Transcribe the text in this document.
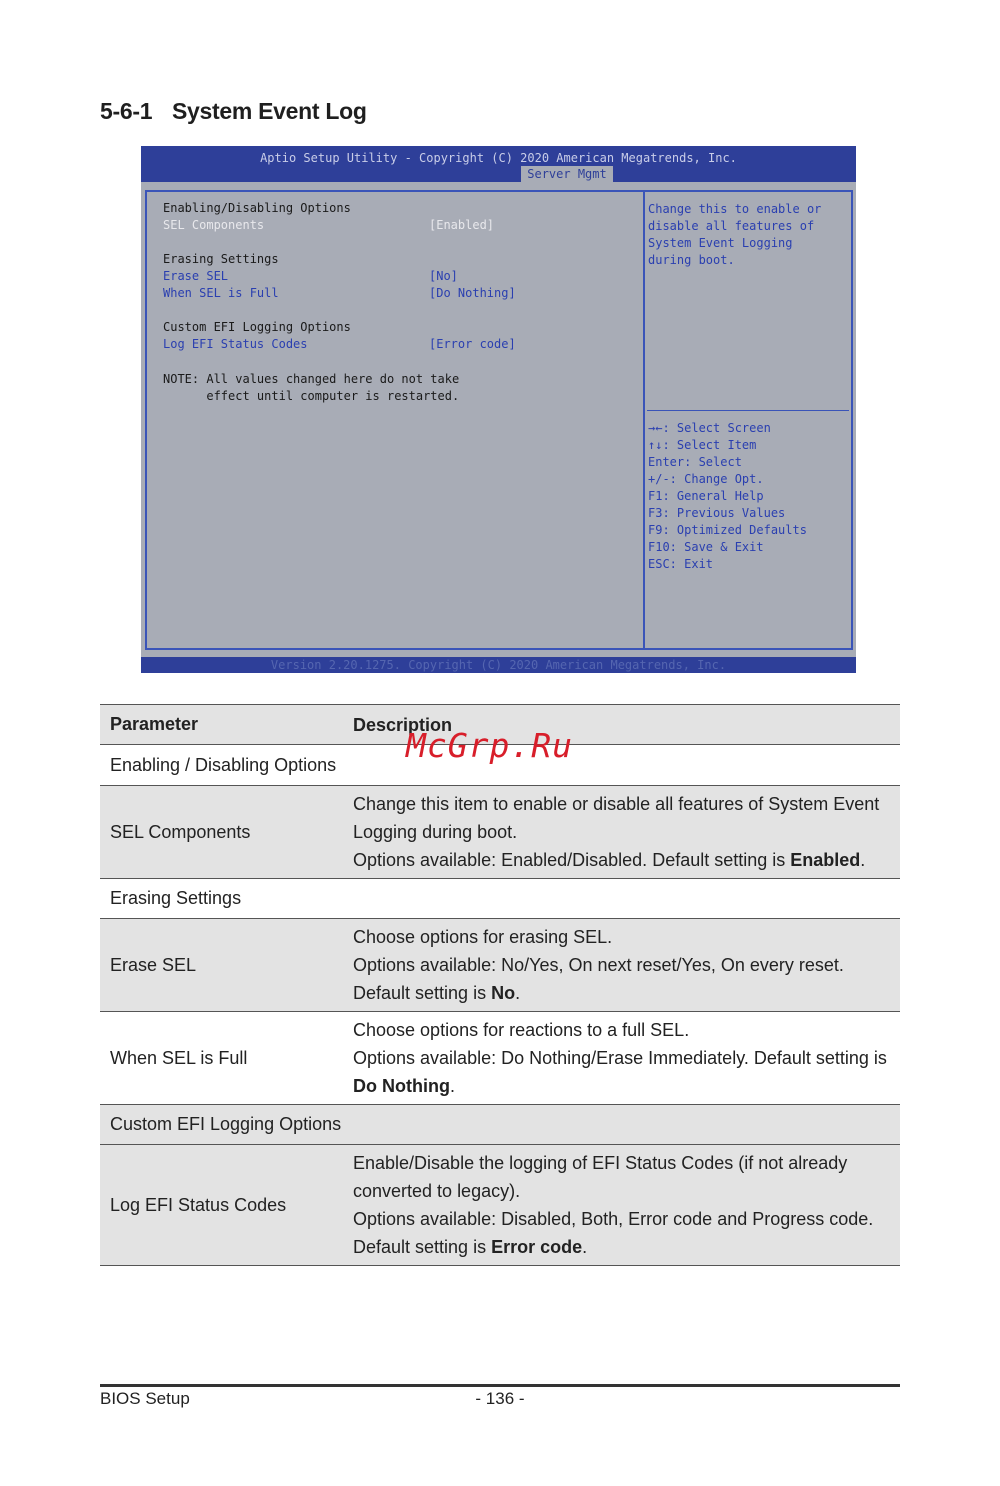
5-6-1 System Event Log
Aptio Setup Utility - Copyright (C) 2020 American Megatrends, Inc.
Server Mgmt
Enabling/Disabling Options
SEL Components	[Enabled]
Erasing Settings
Erase SEL	[No]
When SEL is Full	[Do Nothing]
Custom EFI Logging Options
Log EFI Status Codes	[Error code]
NOTE: All values changed here do not take
effect until computer is restarted.
Change this to enable or
disable all features of
System Event Logging
during boot.
→←: Select Screen
↑↓: Select Item
Enter: Select
+/-: Change Opt.
F1: General Help
F3: Previous Values
F9: Optimized Defaults
F10: Save & Exit
ESC: Exit
Version 2.20.1275. Copyright (C) 2020 American Megatrends, Inc.
Parameter	Description
Enabling / Disabling Options	
SEL Components	Change this item to enable or disable all features of System Event Logging during boot.
Options available: Enabled/Disabled. Default setting is Enabled.

Erasing Settings	
Erase SEL	Choose options for erasing SEL.
Options available: No/Yes, On next reset/Yes, On every reset. Default setting is No.

When SEL is Full	Choose options for reactions to a full SEL.
Options available: Do Nothing/Erase Immediately. Default setting is Do Nothing.

Custom EFI Logging Options	
Log EFI Status Codes	Enable/Disable the logging of EFI Status Codes (if not already converted to legacy).
Options available: Disabled, Both, Error code and Progress code. Default setting is Error code.
McGrp.Ru
BIOS Setup	- 136 -
